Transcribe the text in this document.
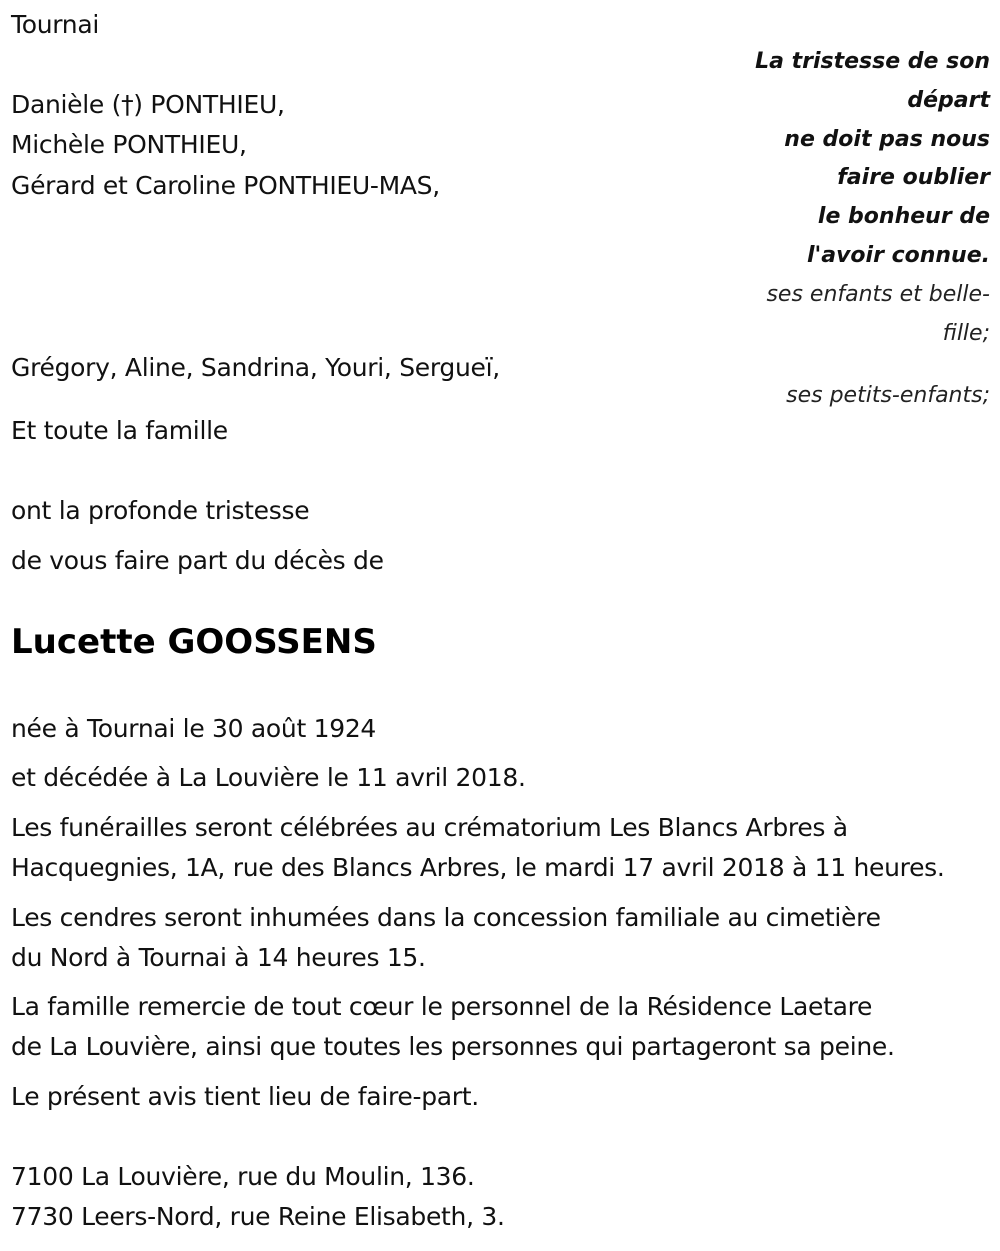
Tournai
Danièle (†) PONTHIEU,
Michèle PONTHIEU,
Gérard et Caroline PONTHIEU-MAS,
La tristesse de son
départ
ne doit pas nous
faire oublier
le bonheur de
l'avoir connue.
ses enfants et belle-
fille;
ses petits-enfants;
Grégory, Aline, Sandrina, Youri, Sergueï,
Et toute la famille
ont la profonde tristesse
de vous faire part du décès de
Lucette GOOSSENS
née à Tournai le 30 août 1924
et décédée à La Louvière le 11 avril 2018.
Les funérailles seront célébrées au crématorium Les Blancs Arbres à
Hacquegnies, 1A, rue des Blancs Arbres, le mardi 17 avril 2018 à 11 heures.
Les cendres seront inhumées dans la concession familiale au cimetière
du Nord à Tournai à 14 heures 15.
La famille remercie de tout cœur le personnel de la Résidence Laetare
de La Louvière, ainsi que toutes les personnes qui partageront sa peine.
Le présent avis tient lieu de faire-part.
7100 La Louvière, rue du Moulin, 136.
7730 Leers-Nord, rue Reine Elisabeth, 3.
